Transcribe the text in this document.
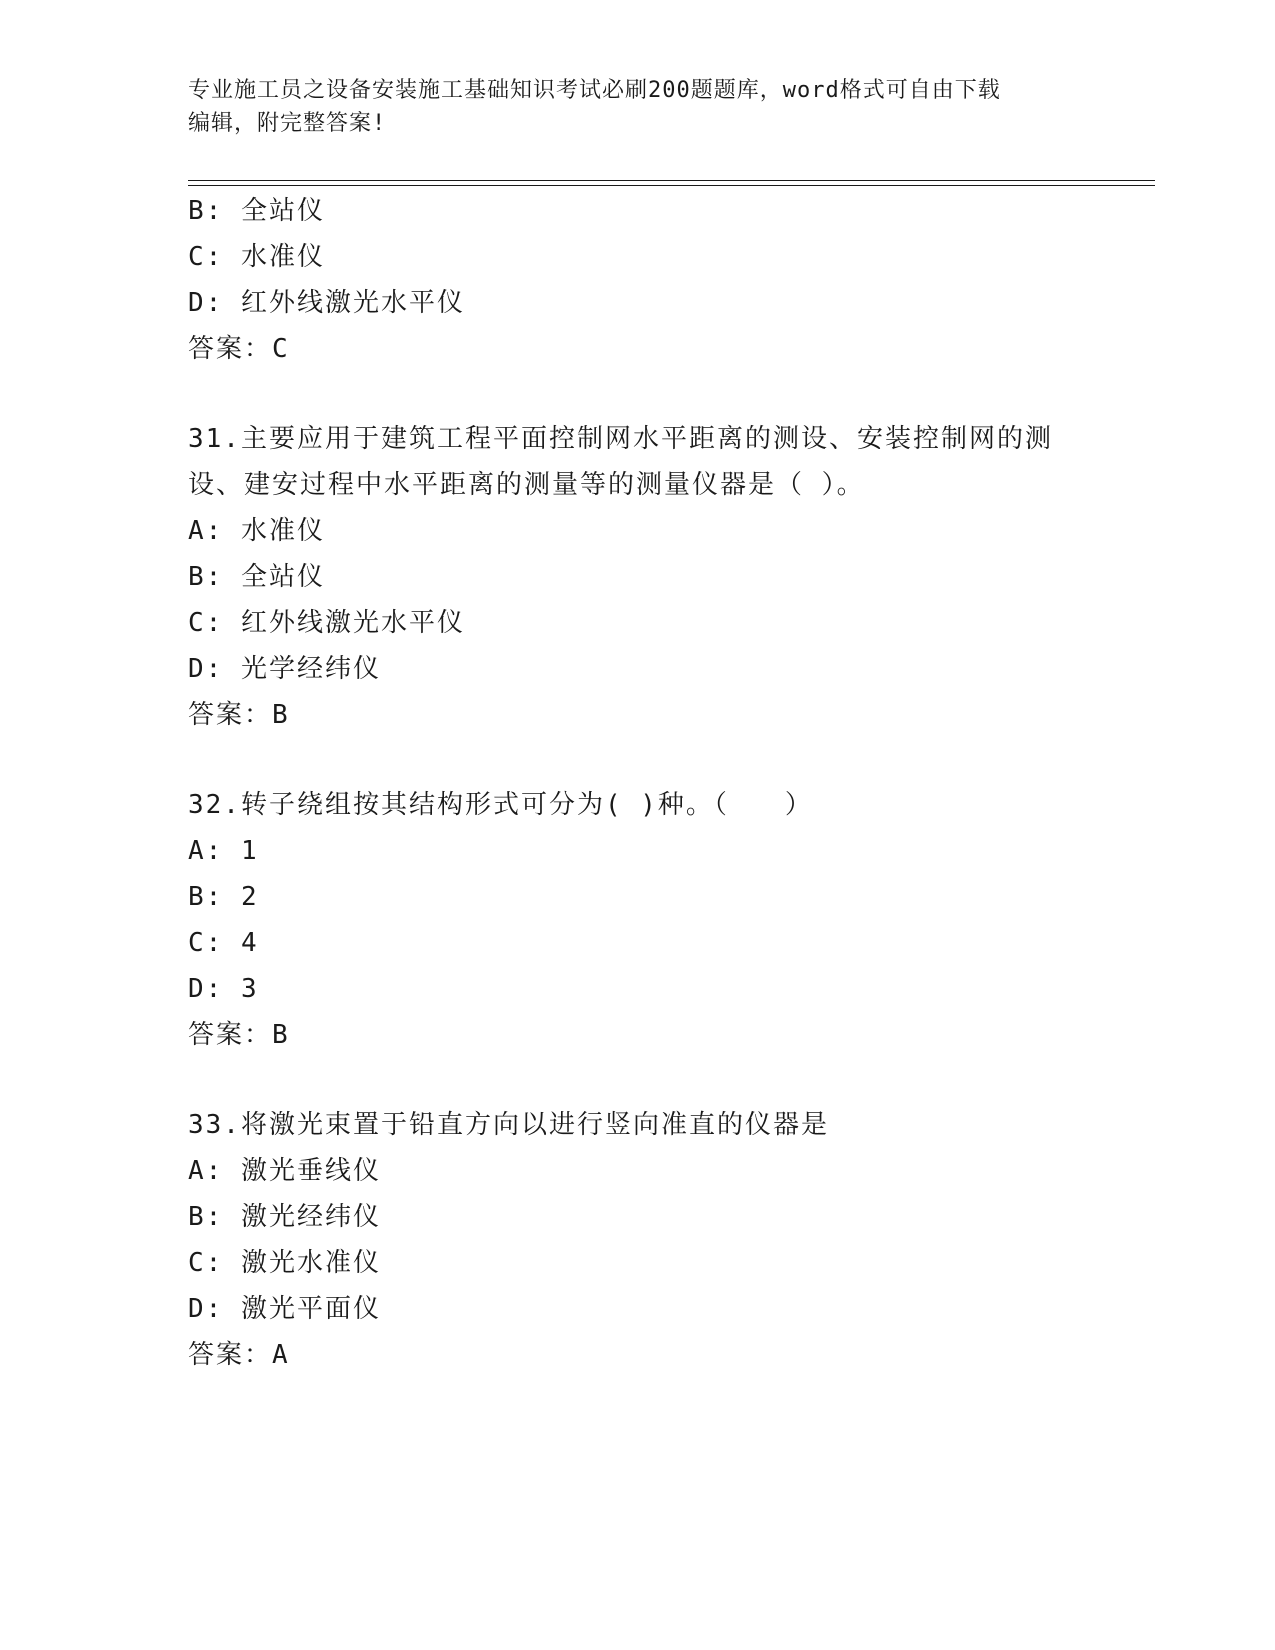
专业施工员之设备安装施工基础知识考试必刷200题题库，word格式可自由下载
编辑，附完整答案!
B: 全站仪
C: 水准仪
D: 红外线激光水平仪
答案：C
31.主要应用于建筑工程平面控制网水平距离的测设、安装控制网的测
设、建安过程中水平距离的测量等的测量仪器是（ ）。
A: 水准仪
B: 全站仪
C: 红外线激光水平仪
D: 光学经纬仪
答案：B
32.转子绕组按其结构形式可分为( )种。（　　）
A: 1
B: 2
C: 4
D: 3
答案：B
33.将激光束置于铅直方向以进行竖向准直的仪器是
A: 激光垂线仪
B: 激光经纬仪
C: 激光水准仪
D: 激光平面仪
答案：A
